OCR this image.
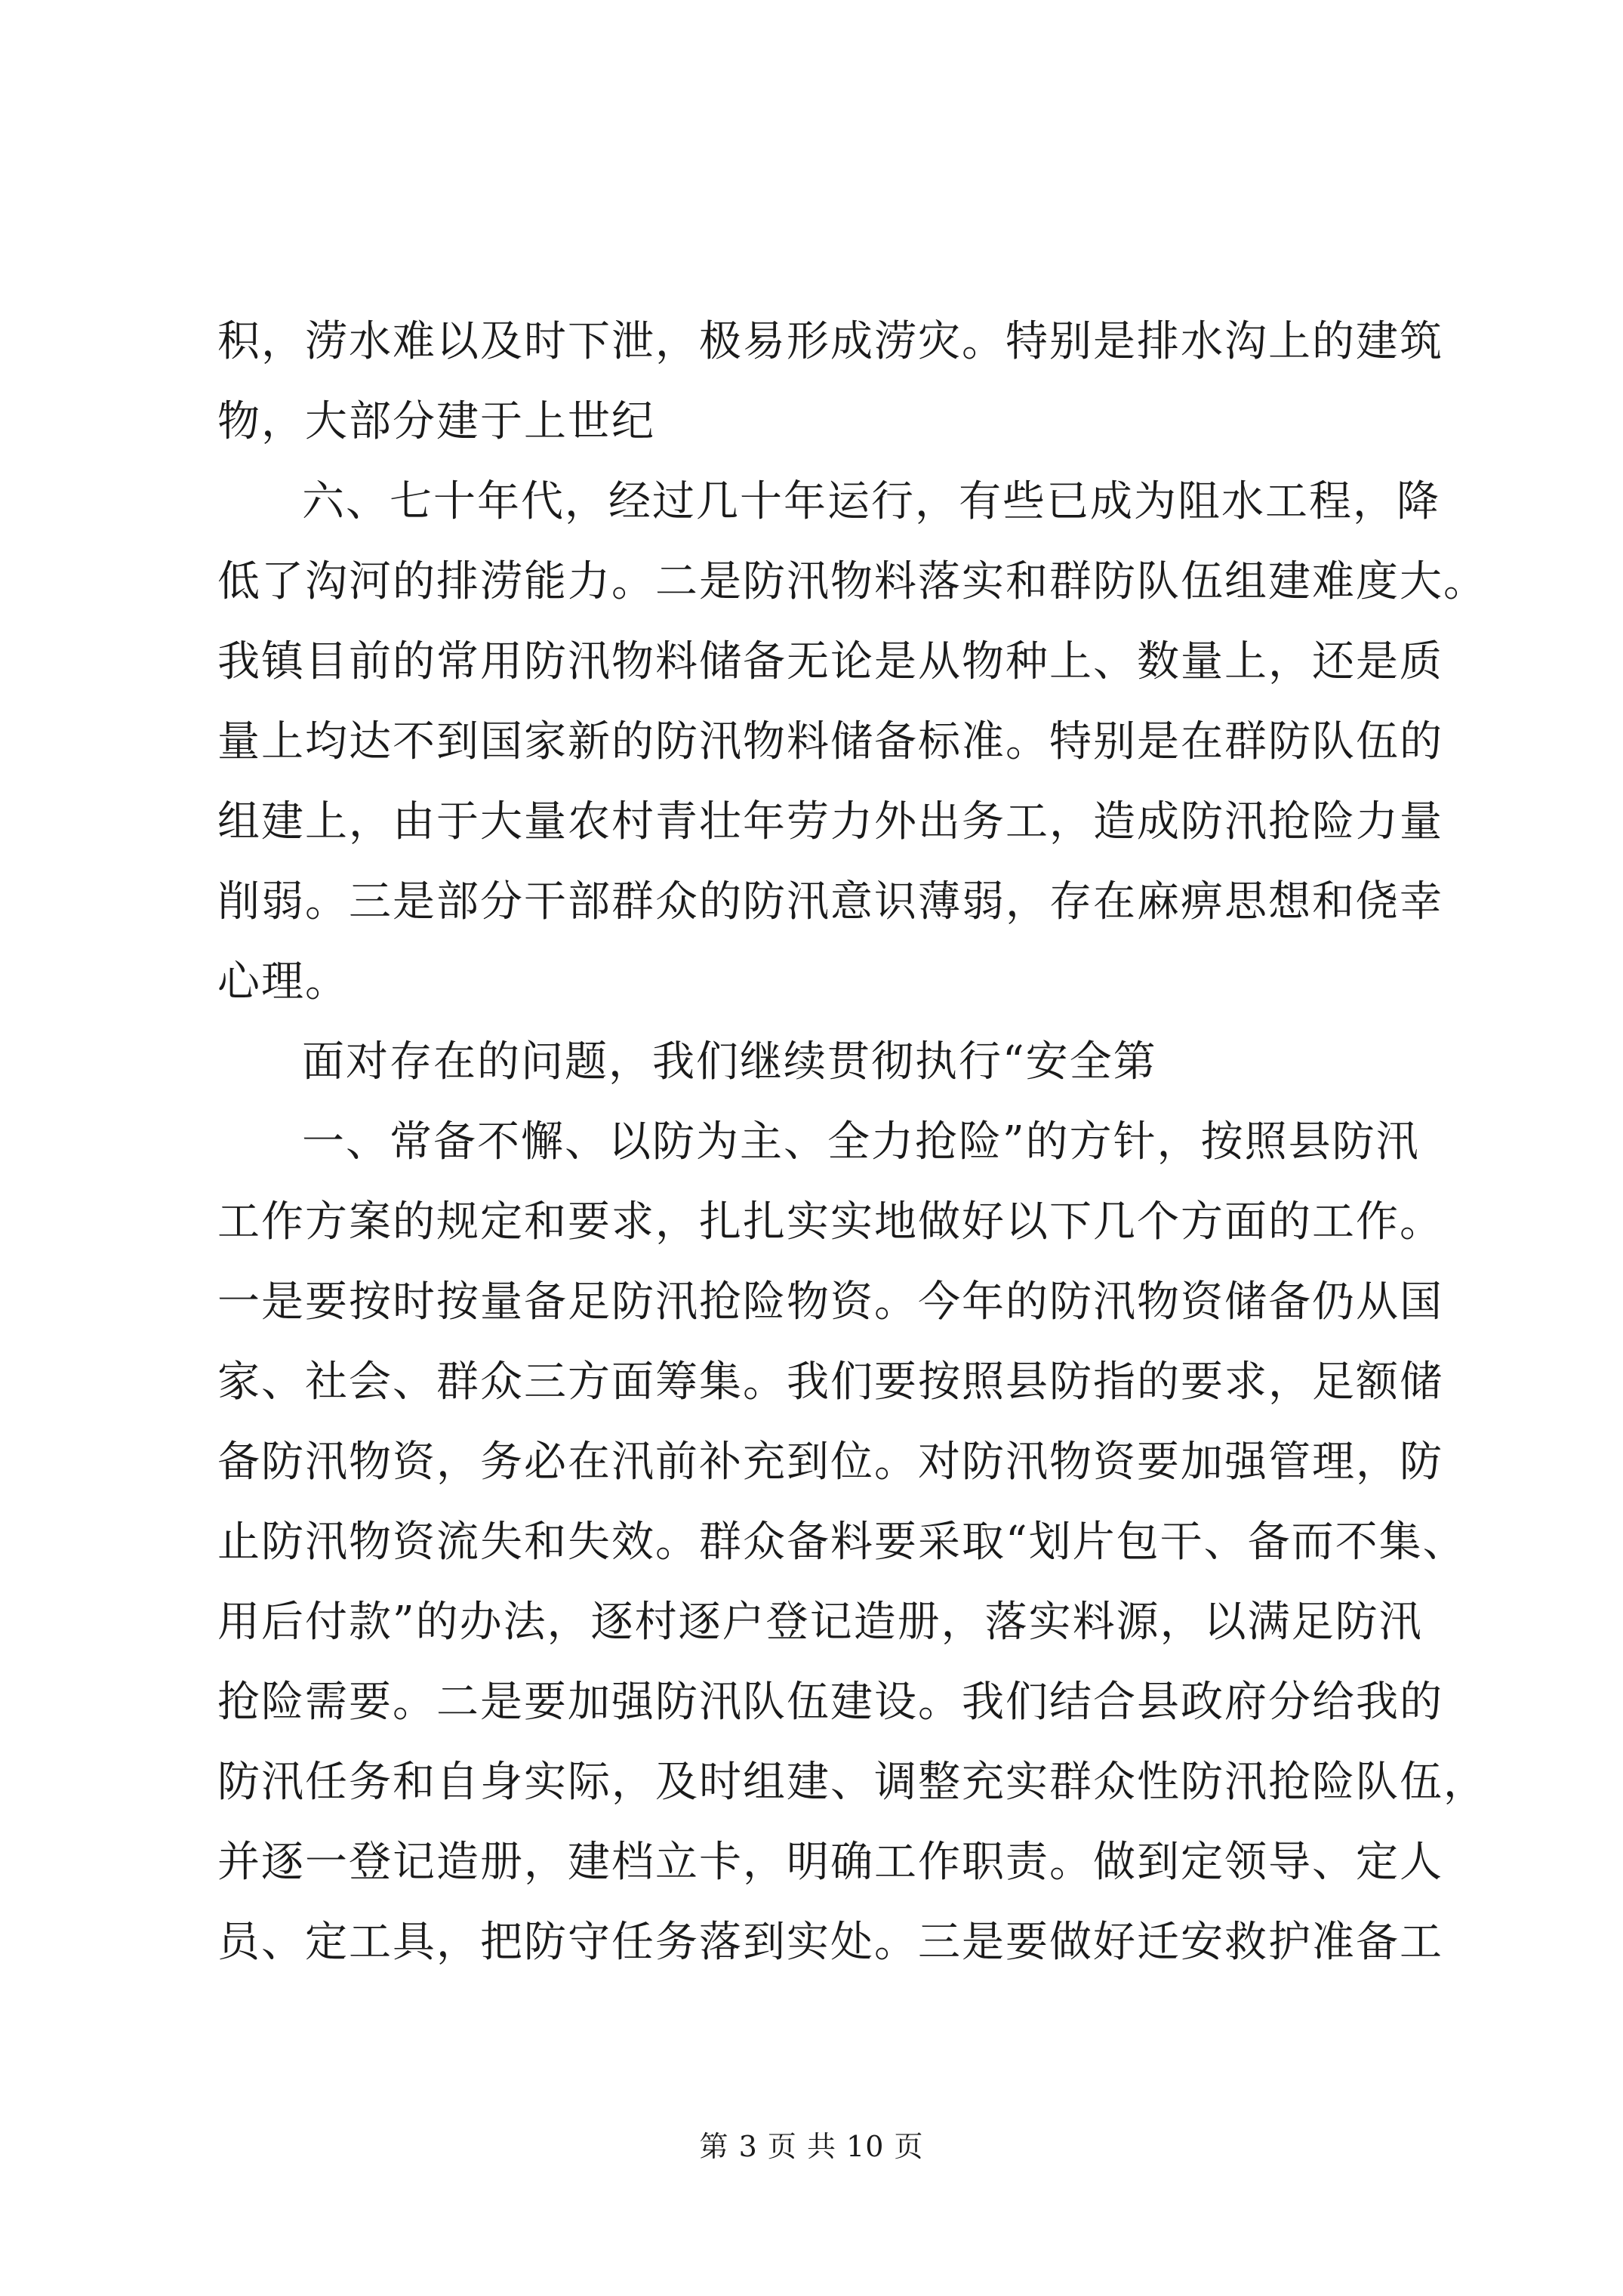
积，涝水难以及时下泄，极易形成涝灾。特别是排水沟上的建筑
物，大部分建于上世纪
六、七十年代，经过几十年运行，有些已成为阻水工程，降
低了沟河的排涝能力。二是防汛物料落实和群防队伍组建难度大。
我镇目前的常用防汛物料储备无论是从物种上、数量上，还是质
量上均达不到国家新的防汛物料储备标准。特别是在群防队伍的
组建上，由于大量农村青壮年劳力外出务工，造成防汛抢险力量
削弱。三是部分干部群众的防汛意识薄弱，存在麻痹思想和侥幸
心理。
面对存在的问题，我们继续贯彻执行“安全第
一、常备不懈、以防为主、全力抢险”的方针，按照县防汛
工作方案的规定和要求，扎扎实实地做好以下几个方面的工作。
一是要按时按量备足防汛抢险物资。今年的防汛物资储备仍从国
家、社会、群众三方面筹集。我们要按照县防指的要求，足额储
备防汛物资，务必在汛前补充到位。对防汛物资要加强管理，防
止防汛物资流失和失效。群众备料要采取“划片包干、备而不集、
用后付款”的办法，逐村逐户登记造册，落实料源，以满足防汛
抢险需要。二是要加强防汛队伍建设。我们结合县政府分给我的
防汛任务和自身实际，及时组建、调整充实群众性防汛抢险队伍，
并逐一登记造册，建档立卡，明确工作职责。做到定领导、定人
员、定工具，把防守任务落到实处。三是要做好迁安救护准备工
第 3 页 共 10 页
